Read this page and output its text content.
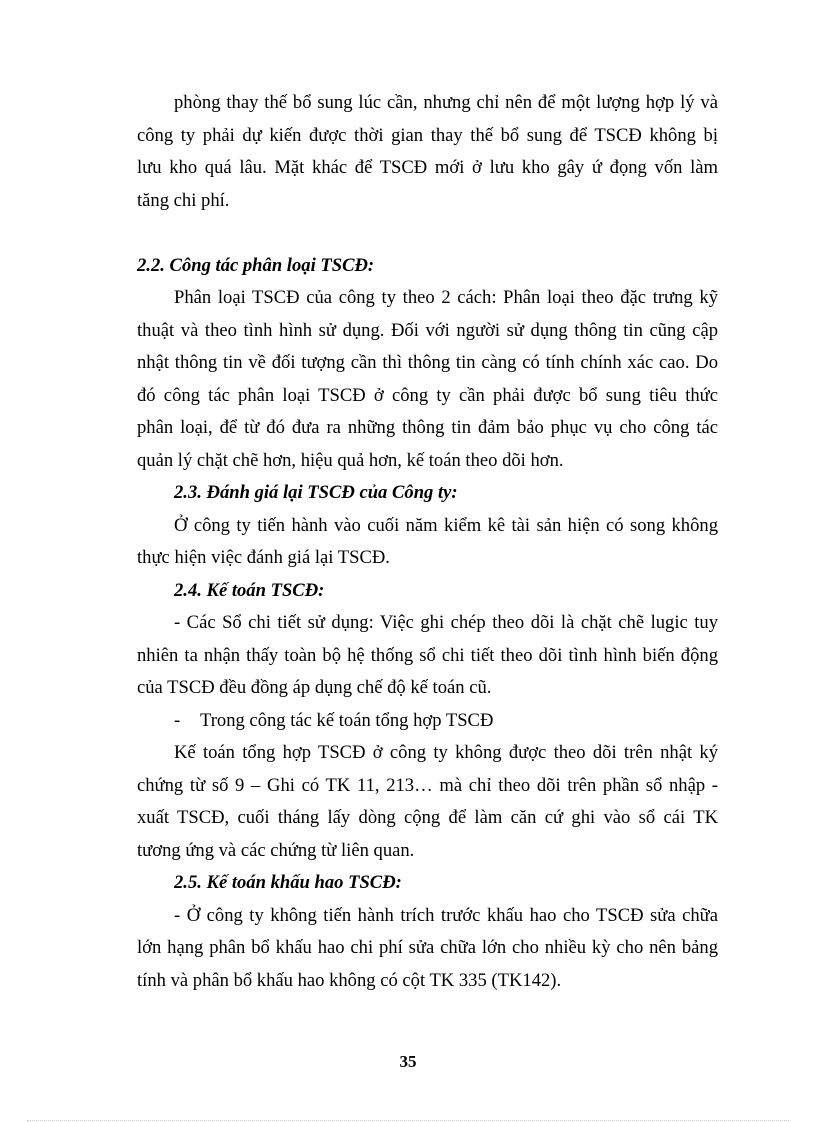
phòng thay thế bổ sung lúc cần, nhưng chỉ nên để một lượng hợp lý và
công ty phải dự kiến được thời gian thay thế bổ sung để TSCĐ không bị
lưu kho quá lâu. Mặt khác để TSCĐ mới ở lưu kho gây ứ đọng vốn làm
tăng chi phí.
2.2. Công tác phân loại TSCĐ:
Phân loại TSCĐ của công ty theo 2 cách: Phân loại theo đặc trưng kỹ
thuật và theo tình hình sử dụng. Đối với người sử dụng thông tin cũng cập
nhật thông tin về đối tượng cần thì thông tin càng có tính chính xác cao. Do
đó công tác phân loại TSCĐ ở công ty cần phải được bổ sung tiêu thức
phân loại, để từ đó đưa ra những thông tin đảm bảo phục vụ cho công tác
quản lý chặt chẽ hơn, hiệu quả hơn, kế toán theo dõi hơn.
2.3. Đánh giá lại TSCĐ của Công ty:
Ở công ty tiến hành vào cuối năm kiểm kê tài sản hiện có song không
thực hiện việc đánh giá lại TSCĐ.
2.4. Kế toán TSCĐ:
- Các Sổ chi tiết sử dụng: Việc ghi chép theo dõi là chặt chẽ lugic tuy
nhiên ta nhận thấy toàn bộ hệ thống sổ chi tiết theo dõi tình hình biến động
của TSCĐ đều đồng áp dụng chế độ kế toán cũ.
- Trong công tác kế toán tổng hợp TSCĐ
Kế toán tổng hợp TSCĐ ở công ty không được theo dõi trên nhật ký
chứng từ số 9 – Ghi có TK 11, 213… mà chỉ theo dõi trên phần sổ nhập -
xuất TSCĐ, cuối tháng lấy dòng cộng để làm căn cứ ghi vào sổ cái TK
tương ứng và các chứng từ liên quan.
2.5. Kế toán khấu hao TSCĐ:
- Ở công ty không tiến hành trích trước khấu hao cho TSCĐ sửa chữa
lớn hạng phân bổ khấu hao chi phí sửa chữa lớn cho nhiều kỳ cho nên bảng
tính và phân bổ khấu hao không có cột TK 335 (TK142).
35
